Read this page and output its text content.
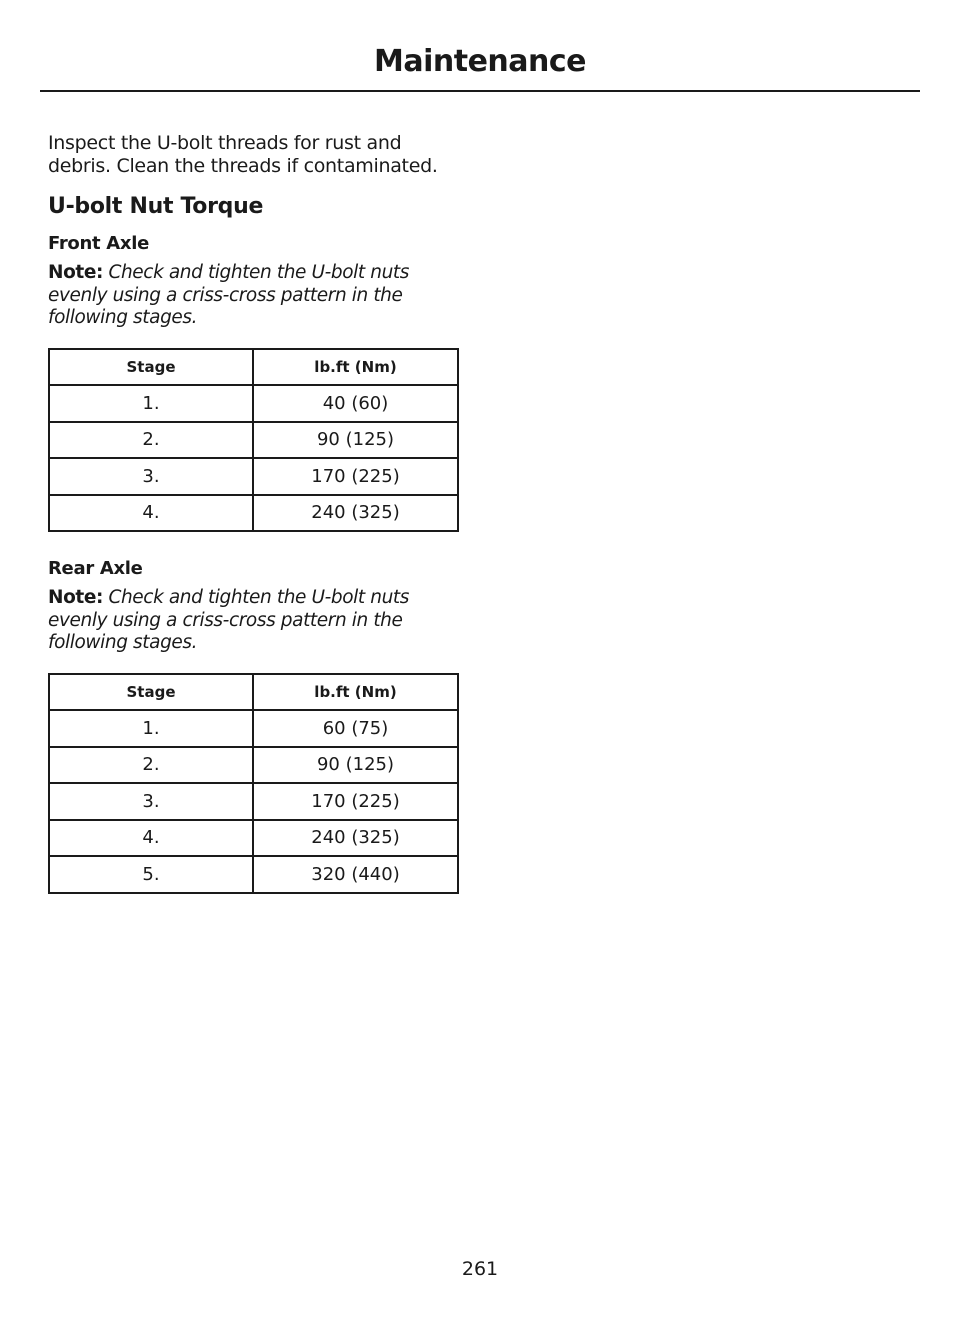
Maintenance

Inspect the U-bolt threads for rust and debris. Clean the threads if contaminated.

U-bolt Nut Torque
Front Axle

Note: Check and tighten the U-bolt nuts evenly using a criss-cross pattern in the following stages.

Stage	lb.ft (Nm)
1.	40 (60)
2.	90 (125)
3.	170 (225)
4.	240 (325)
Rear Axle

Note: Check and tighten the U-bolt nuts evenly using a criss-cross pattern in the following stages.

Stage	lb.ft (Nm)
1.	60 (75)
2.	90 (125)
3.	170 (225)
4.	240 (325)
5.	320 (440)
261
